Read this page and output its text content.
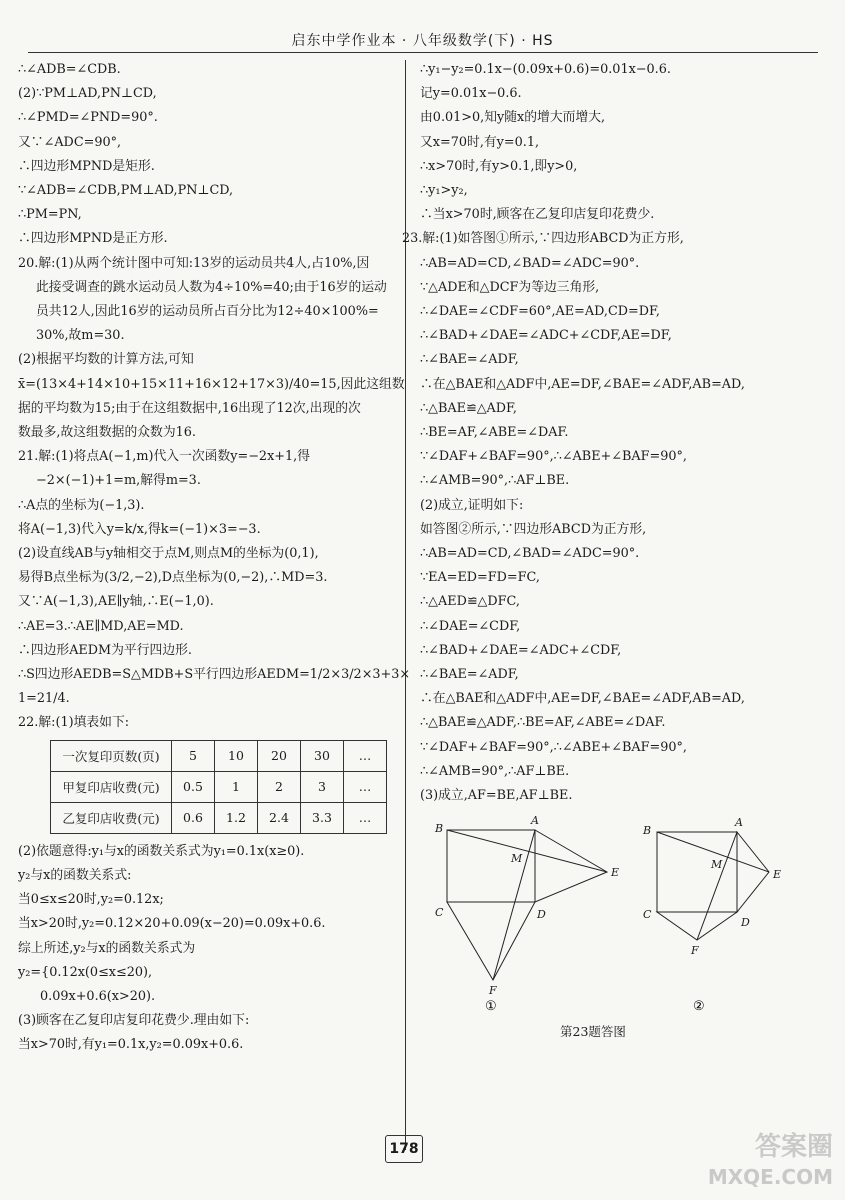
启东中学作业本 · 八年级数学(下) · HS
∴∠ADB=∠CDB.
(2)∵PM⊥AD,PN⊥CD,
∴∠PMD=∠PND=90°.
又∵∠ADC=90°,
∴四边形MPND是矩形.
∵∠ADB=∠CDB,PM⊥AD,PN⊥CD,
∴PM=PN,
∴四边形MPND是正方形.
20.解:(1)从两个统计图中可知:13岁的运动员共4人,占10%,因
此接受调查的跳水运动员人数为4÷10%=40;由于16岁的运动
员共12人,因此16岁的运动员所占百分比为12÷40×100%=
30%,故m=30.
(2)根据平均数的计算方法,可知
x̄=(13×4+14×10+15×11+16×12+17×3)/40=15,因此这组数
据的平均数为15;由于在这组数据中,16出现了12次,出现的次
数最多,故这组数据的众数为16.
21.解:(1)将点A(−1,m)代入一次函数y=−2x+1,得
−2×(−1)+1=m,解得m=3.
∴A点的坐标为(−1,3).
将A(−1,3)代入y=k/x,得k=(−1)×3=−3.
(2)设直线AB与y轴相交于点M,则点M的坐标为(0,1),
易得B点坐标为(3/2,−2),D点坐标为(0,−2),∴MD=3.
又∵A(−1,3),AE∥y轴,∴E(−1,0).
∴AE=3.∴AE∥MD,AE=MD.
∴四边形AEDM为平行四边形.
∴S四边形AEDB=S△MDB+S平行四边形AEDM=1/2×3/2×3+3×
1=21/4.
22.解:(1)填表如下:
一次复印页数(页)	5	10	20	30	…
甲复印店收费(元)	0.5	1	2	3	…
乙复印店收费(元)	0.6	1.2	2.4	3.3	…
(2)依题意得:y₁与x的函数关系式为y₁=0.1x(x≥0).
y₂与x的函数关系式:
当0≤x≤20时,y₂=0.12x;
当x>20时,y₂=0.12×20+0.09(x−20)=0.09x+0.6.
综上所述,y₂与x的函数关系式为
y₂={0.12x(0≤x≤20),
0.09x+0.6(x>20).
(3)顾客在乙复印店复印花费少.理由如下:
当x>70时,有y₁=0.1x,y₂=0.09x+0.6.
∴y₁−y₂=0.1x−(0.09x+0.6)=0.01x−0.6.
记y=0.01x−0.6.
由0.01>0,知y随x的增大而增大,
又x=70时,有y=0.1,
∴x>70时,有y>0.1,即y>0,
∴y₁>y₂,
∴当x>70时,顾客在乙复印店复印花费少.
23.解:(1)如答图①所示,∵四边形ABCD为正方形,
∴AB=AD=CD,∠BAD=∠ADC=90°.
∵△ADE和△DCF为等边三角形,
∴∠DAE=∠CDF=60°,AE=AD,CD=DF,
∴∠BAD+∠DAE=∠ADC+∠CDF,AE=DF,
∴∠BAE=∠ADF,
∴在△BAE和△ADF中,AE=DF,∠BAE=∠ADF,AB=AD,
∴△BAE≌△ADF,
∴BE=AF,∠ABE=∠DAF.
∵∠DAF+∠BAF=90°,∴∠ABE+∠BAF=90°,
∴∠AMB=90°,∴AF⊥BE.
(2)成立,证明如下:
如答图②所示,∵四边形ABCD为正方形,
∴AB=AD=CD,∠BAD=∠ADC=90°.
∵EA=ED=FD=FC,
∴△AED≌△DFC,
∴∠DAE=∠CDF,
∴∠BAD+∠DAE=∠ADC+∠CDF,
∴∠BAE=∠ADF,
∴在△BAE和△ADF中,AE=DF,∠BAE=∠ADF,AB=AD,
∴△BAE≌△ADF,∴BE=AF,∠ABE=∠DAF.
∵∠DAF+∠BAF=90°,∴∠ABE+∠BAF=90°,
∴∠AMB=90°,∴AF⊥BE.
(3)成立,AF=BE,AF⊥BE.
B
A
E
M
C	D
F
①
B
A
E
M
C
D
F
②
第23题答图
178	答案圈
MXQE.COM
